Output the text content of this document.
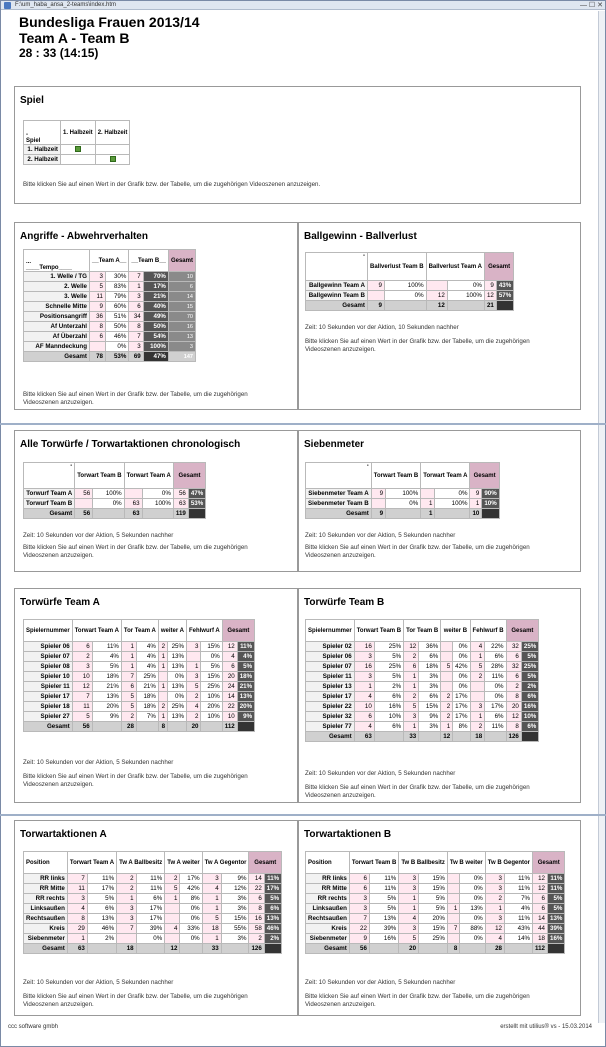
F:\um_haba_ansa_2-teams\index.htm	— ☐ ✕
Bundesliga Frauen 2013/14
Team A - Team B
28 : 33 (14:15)
Spiel
-
Spiel	1. Halbzeit	2. Halbzeit
1. Halbzeit		
2. Halbzeit		
Bitte klicken Sie auf einen Wert in der Grafik bzw. der Tabelle, um die zugehörigen Videoszenen anzuzeigen.
Angriffe - Abwehrverhalten
...
____Tempo____	__Team A__		__Team B__		Gesamt
1. Welle / TG	3	30%	7	70%	10
2. Welle	5	83%	1	17%	6
3. Welle	11	79%	3	21%	14
Schnelle Mitte	9	60%	6	40%	15
Positionsangriff	36	51%	34	49%	70
Af Unterzahl	8	50%	8	50%	16
Af Überzahl	6	46%	7	54%	13
AF Manndeckung		0%	3	100%	3
Gesamt	78	53%	69	47%	147
Bitte klicken Sie auf einen Wert in der Grafik bzw. der Tabelle, um die zugehörigen Videoszenen anzuzeigen.
Ballgewinn - Ballverlust
-	Ballverlust Team B		Ballverlust Team A		Gesamt	
Ballgewinn Team A	9	100%		0%	9	43%
Ballgewinn Team B		0%	12	100%	12	57%
Gesamt	9		12		21	
Zeit: 10 Sekunden vor der Aktion, 10 Sekunden nachher
Bitte klicken Sie auf einen Wert in der Grafik bzw. der Tabelle, um die zugehörigen Videoszenen anzuzeigen.
Alle Torwürfe / Torwartaktionen chronologisch
-	Torwart Team B		Torwart Team A		Gesamt	
Torwurf Team A	56	100%		0%	56	47%
Torwurf Team B		0%	63	100%	63	53%
Gesamt	56		63		119	
Zeit: 10 Sekunden vor der Aktion, 5 Sekunden nachher
Bitte klicken Sie auf einen Wert in der Grafik bzw. der Tabelle, um die zugehörigen Videoszenen anzuzeigen.
Siebenmeter
-	Torwart Team B		Torwart Team A		Gesamt	
Siebenmeter Team A	9	100%		0%	9	90%
Siebenmeter Team B		0%	1	100%	1	10%
Gesamt	9		1		10	
Zeit: 10 Sekunden vor der Aktion, 5 Sekunden nachher
Bitte klicken Sie auf einen Wert in der Grafik bzw. der Tabelle, um die zugehörigen Videoszenen anzuzeigen.
Torwürfe Team A
Spielernummer	Torwart Team A		Tor Team A		weiter A		Fehlwurf A		Gesamt	
Spieler 06	6	11%	1	4%	2	25%	3	15%	12	11%
Spieler 07	2	4%	1	4%	1	13%		0%	4	4%
Spieler 08	3	5%	1	4%	1	13%	1	5%	6	5%
Spieler 10	10	18%	7	25%		0%	3	15%	20	18%
Spieler 11	12	21%	6	21%	1	13%	5	25%	24	21%
Spieler 17	7	13%	5	18%		0%	2	10%	14	13%
Spieler 18	11	20%	5	18%	2	25%	4	20%	22	20%
Spieler 27	5	9%	2	7%	1	13%	2	10%	10	9%
Gesamt	56		28		8		20		112	
Zeit: 10 Sekunden vor der Aktion, 5 Sekunden nachher
Bitte klicken Sie auf einen Wert in der Grafik bzw. der Tabelle, um die zugehörigen Videoszenen anzuzeigen.
Torwürfe Team B
Spielernummer	Torwart Team B		Tor Team B		weiter B		Fehlwurf B		Gesamt	
Spieler 02	16	25%	12	36%		0%	4	22%	32	25%
Spieler 06	3	5%	2	6%		0%	1	6%	6	5%
Spieler 07	16	25%	6	18%	5	42%	5	28%	32	25%
Spieler 11	3	5%	1	3%		0%	2	11%	6	5%
Spieler 13	1	2%	1	3%		0%		0%	2	2%
Spieler 17	4	6%	2	6%	2	17%		0%	8	6%
Spieler 22	10	16%	5	15%	2	17%	3	17%	20	16%
Spieler 32	6	10%	3	9%	2	17%	1	6%	12	10%
Spieler 77	4	6%	1	3%	1	8%	2	11%	8	6%
Gesamt	63		33		12		18		126	
Zeit: 10 Sekunden vor der Aktion, 5 Sekunden nachher
Bitte klicken Sie auf einen Wert in der Grafik bzw. der Tabelle, um die zugehörigen Videoszenen anzuzeigen.
Torwartaktionen A
Position	Torwart Team A		Tw A Ballbesitz		Tw A weiter		Tw A Gegentor		Gesamt	
RR links	7	11%	2	11%	2	17%	3	9%	14	11%
RR Mitte	11	17%	2	11%	5	42%	4	12%	22	17%
RR rechts	3	5%	1	6%	1	8%	1	3%	6	5%
Linksaußen	4	6%	3	17%		0%	1	3%	8	6%
Rechtsaußen	8	13%	3	17%		0%	5	15%	16	13%
Kreis	29	46%	7	39%	4	33%	18	55%	58	46%
Siebenmeter	1	2%		0%		0%	1	3%	2	2%
Gesamt	63		18		12		33		126	
Zeit: 10 Sekunden vor der Aktion, 5 Sekunden nachher
Bitte klicken Sie auf einen Wert in der Grafik bzw. der Tabelle, um die zugehörigen Videoszenen anzuzeigen.
Torwartaktionen B
Position	Torwart Team B		Tw B Ballbesitz		Tw B weiter		Tw B Gegentor		Gesamt	
RR links	6	11%	3	15%		0%	3	11%	12	11%
RR Mitte	6	11%	3	15%		0%	3	11%	12	11%
RR rechts	3	5%	1	5%		0%	2	7%	6	5%
Linksaußen	3	5%	1	5%	1	13%	1	4%	6	5%
Rechtsaußen	7	13%	4	20%		0%	3	11%	14	13%
Kreis	22	39%	3	15%	7	88%	12	43%	44	39%
Siebenmeter	9	16%	5	25%		0%	4	14%	18	16%
Gesamt	56		20		8		28		112	
Zeit: 10 Sekunden vor der Aktion, 5 Sekunden nachher
Bitte klicken Sie auf einen Wert in der Grafik bzw. der Tabelle, um die zugehörigen Videoszenen anzuzeigen.
ccc software gmbh	erstellt mit utilius® vs - 15.03.2014
